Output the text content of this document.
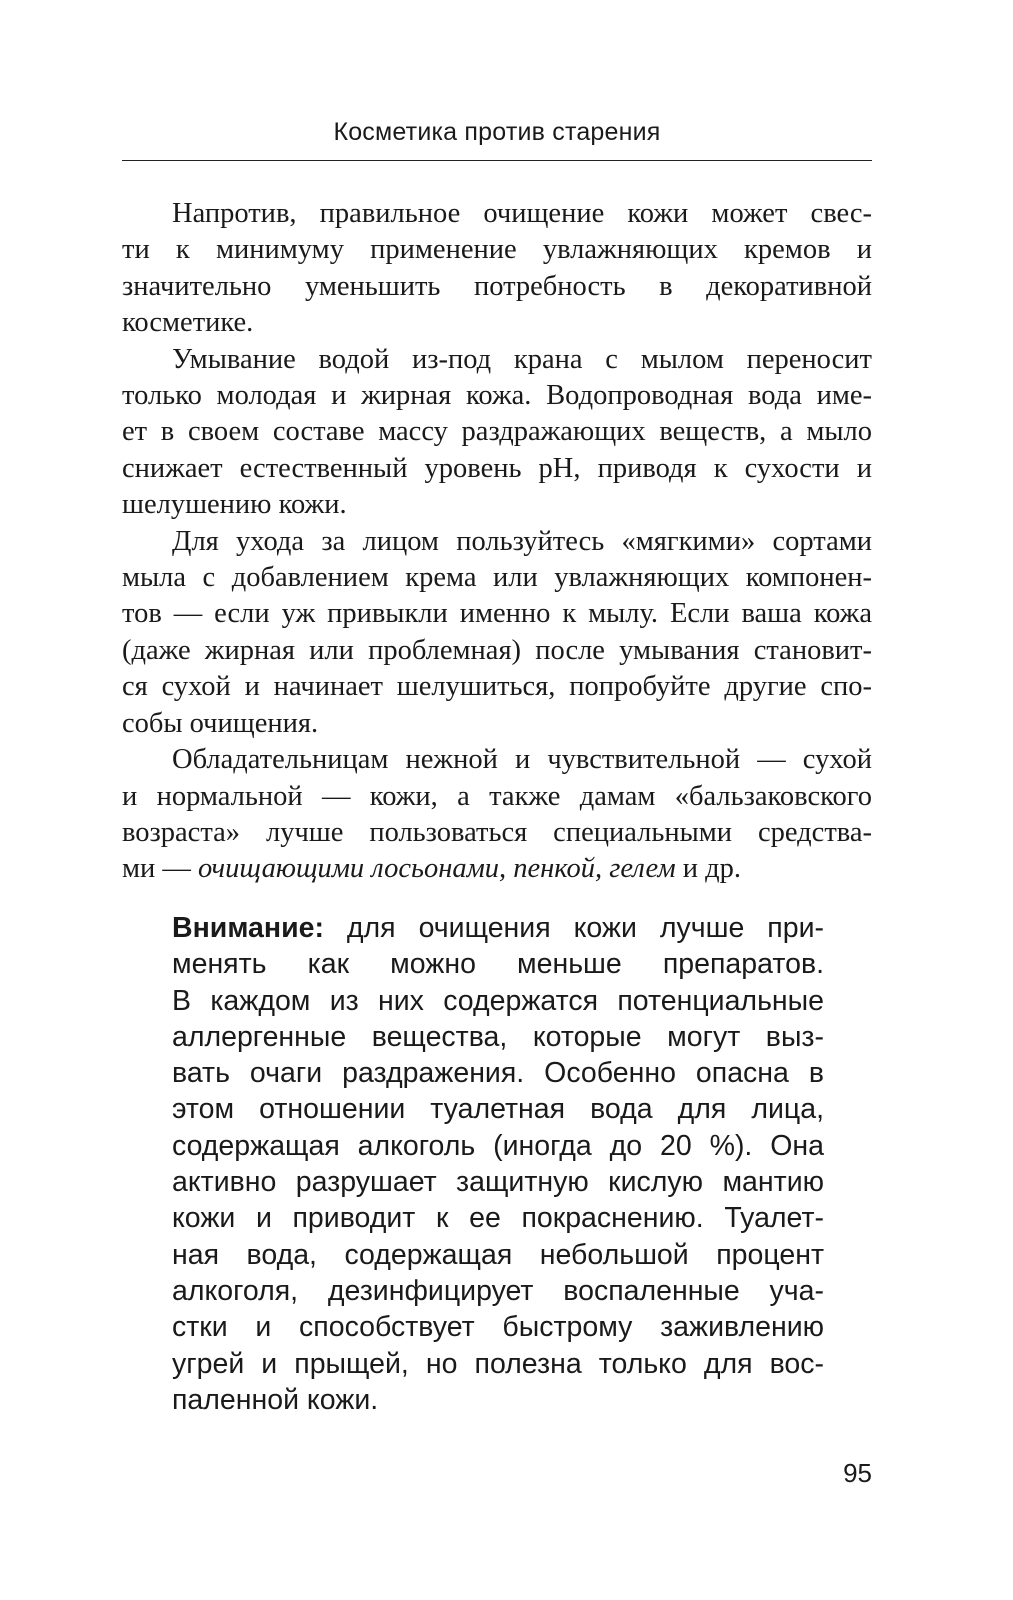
Косметика против старения

Напротив, правильное очищение кожи может свес-
ти к минимуму применение увлажняющих кремов и
значительно уменьшить потребность в декоративной
косметике.

Умывание водой из-под крана с мылом переносит
только молодая и жирная кожа. Водопроводная вода име-
ет в своем составе массу раздражающих веществ, а мыло
снижает естественный уровень рН, приводя к сухости и
шелушению кожи.

Для ухода за лицом пользуйтесь «мягкими» сортами
мыла с добавлением крема или увлажняющих компонен-
тов — если уж привыкли именно к мылу. Если ваша кожа
(даже жирная или проблемная) после умывания становит-
ся сухой и начинает шелушиться, попробуйте другие спо-
собы очищения.

Обладательницам нежной и чувствительной — сухой
и нормальной — кожи, а также дамам «бальзаковского
возраста» лучше пользоваться специальными средства-
ми — очищающими лосьонами, пенкой, гелем и др.

Внимание: для очищения кожи лучше при-
менять как можно меньше препаратов.
В каждом из них содержатся потенциальные
аллергенные вещества, которые могут выз-
вать очаги раздражения. Особенно опасна в
этом отношении туалетная вода для лица,
содержащая алкоголь (иногда до 20 %). Она
активно разрушает защитную кислую мантию
кожи и приводит к ее покраснению. Туалет-
ная вода, содержащая небольшой процент
алкоголя, дезинфицирует воспаленные уча-
стки и способствует быстрому заживлению
угрей и прыщей, но полезна только для вос-
паленной кожи.
95
